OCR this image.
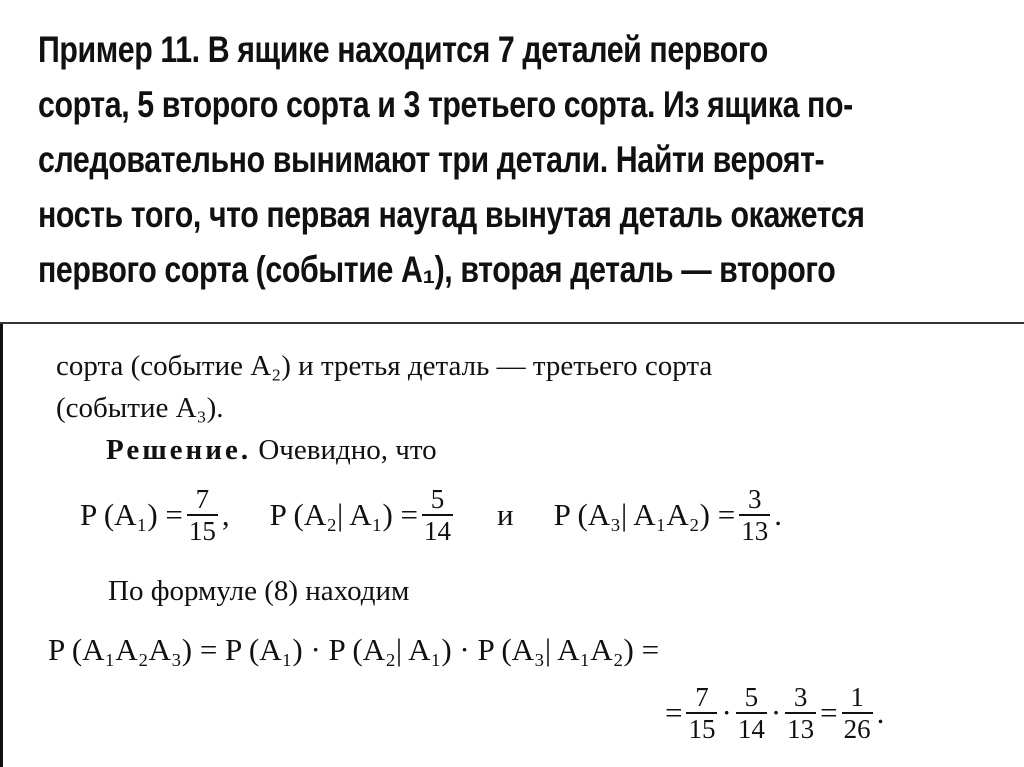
Пример 11. В ящике находится 7 деталей первого
сорта, 5 второго сорта и 3 третьего сорта. Из ящика по-
следовательно вынимают три детали. Найти вероят-
ность того, что первая наугад вынутая деталь окажется
первого сорта (событие A₁), вторая деталь — второго
сорта (событие A₂) и третья деталь — третьего сорта
(событие A₃).
Решение. Очевидно, что
P $(A_1) = \frac{7}{15}$ , P (A₂| $A_1) = \frac{5}{14}$ и P (A₃| $A_1A_2) = \frac{3}{13}$ .
По формуле (8) находим
P (A₁A₂A₃) = P (A₁) · P (A₂| A₁) · P (A₃| A₁A₂) =
= $\frac{7}{15} \cdot \frac{5}{14} \cdot \frac{3}{13} = \frac{1}{26}$ .
